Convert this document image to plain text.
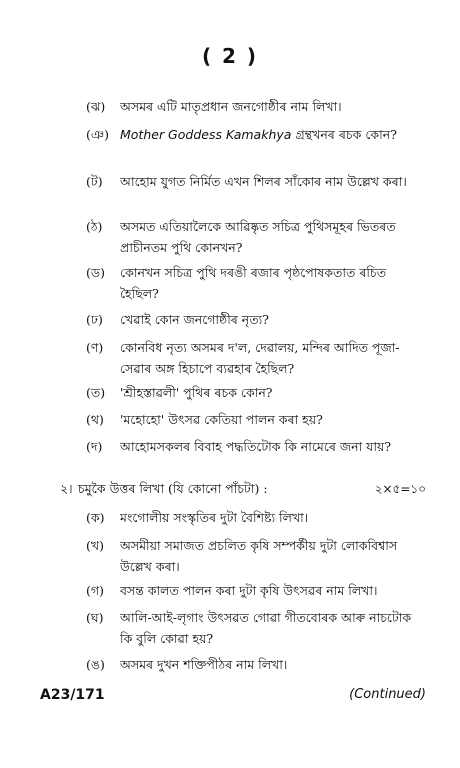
( 2 )
(ঝ)	অসমৰ এটি মাতৃপ্ৰধান জনগোষ্ঠীৰ নাম লিখা।
(ঞ) Mother Goddess Kamakhya গ্ৰন্থখনৰ ৰচক কোন?
(ট)	আহোম যুগত নিৰ্মিত এখন শিলৰ সাঁকোৰ নাম উল্লেখ কৰা।
(ঠ)	অসমত এতিয়ালৈকে আৱিষ্কৃত সচিত্ৰ পুথিসমূহৰ ভিতৰত প্ৰাচীনতম পুথি কোনখন?
(ড)	কোনখন সচিত্ৰ পুথি দৰঙী ৰজাৰ পৃষ্ঠপোষকতাত ৰচিত হৈছিল?
(ঢ)	খেৱাই কোন জনগোষ্ঠীৰ নৃত্য?
(ণ)	কোনবিধ নৃত্য অসমৰ দ'ল, দেৱালয়, মন্দিৰ আদিত পূজা-সেৱাৰ অঙ্গ হিচাপে ব্যৱহাৰ হৈছিল?
(ত)	'শ্ৰীহস্তাৱলী' পুথিৰ ৰচক কোন?
(থ)	'মহোহো' উৎসৱ কেতিয়া পালন কৰা হয়?
(দ)	আহোমসকলৰ বিবাহ পদ্ধতিটোক কি নামেৰে জনা যায়?
২। চমুকৈ উত্তৰ লিখা (যি কোনো পাঁচটা) :	২×৫=১০
(ক)	মংগোলীয় সংস্কৃতিৰ দুটা বৈশিষ্ট্য লিখা।
(খ)	অসমীয়া সমাজত প্ৰচলিত কৃষি সম্পৰ্কীয় দুটা লোকবিশ্বাস উল্লেখ কৰা।
(গ)	বসন্ত কালত পালন কৰা দুটা কৃষি উৎসৱৰ নাম লিখা।
(ঘ)	আলি-আই-লৃগাং উৎসৱত গোৱা গীতবোৰক আৰু নাচটোক কি বুলি কোৱা হয়?
(ঙ)	অসমৰ দুখন শক্তিপীঠৰ নাম লিখা।
A23/171	(Continued)
